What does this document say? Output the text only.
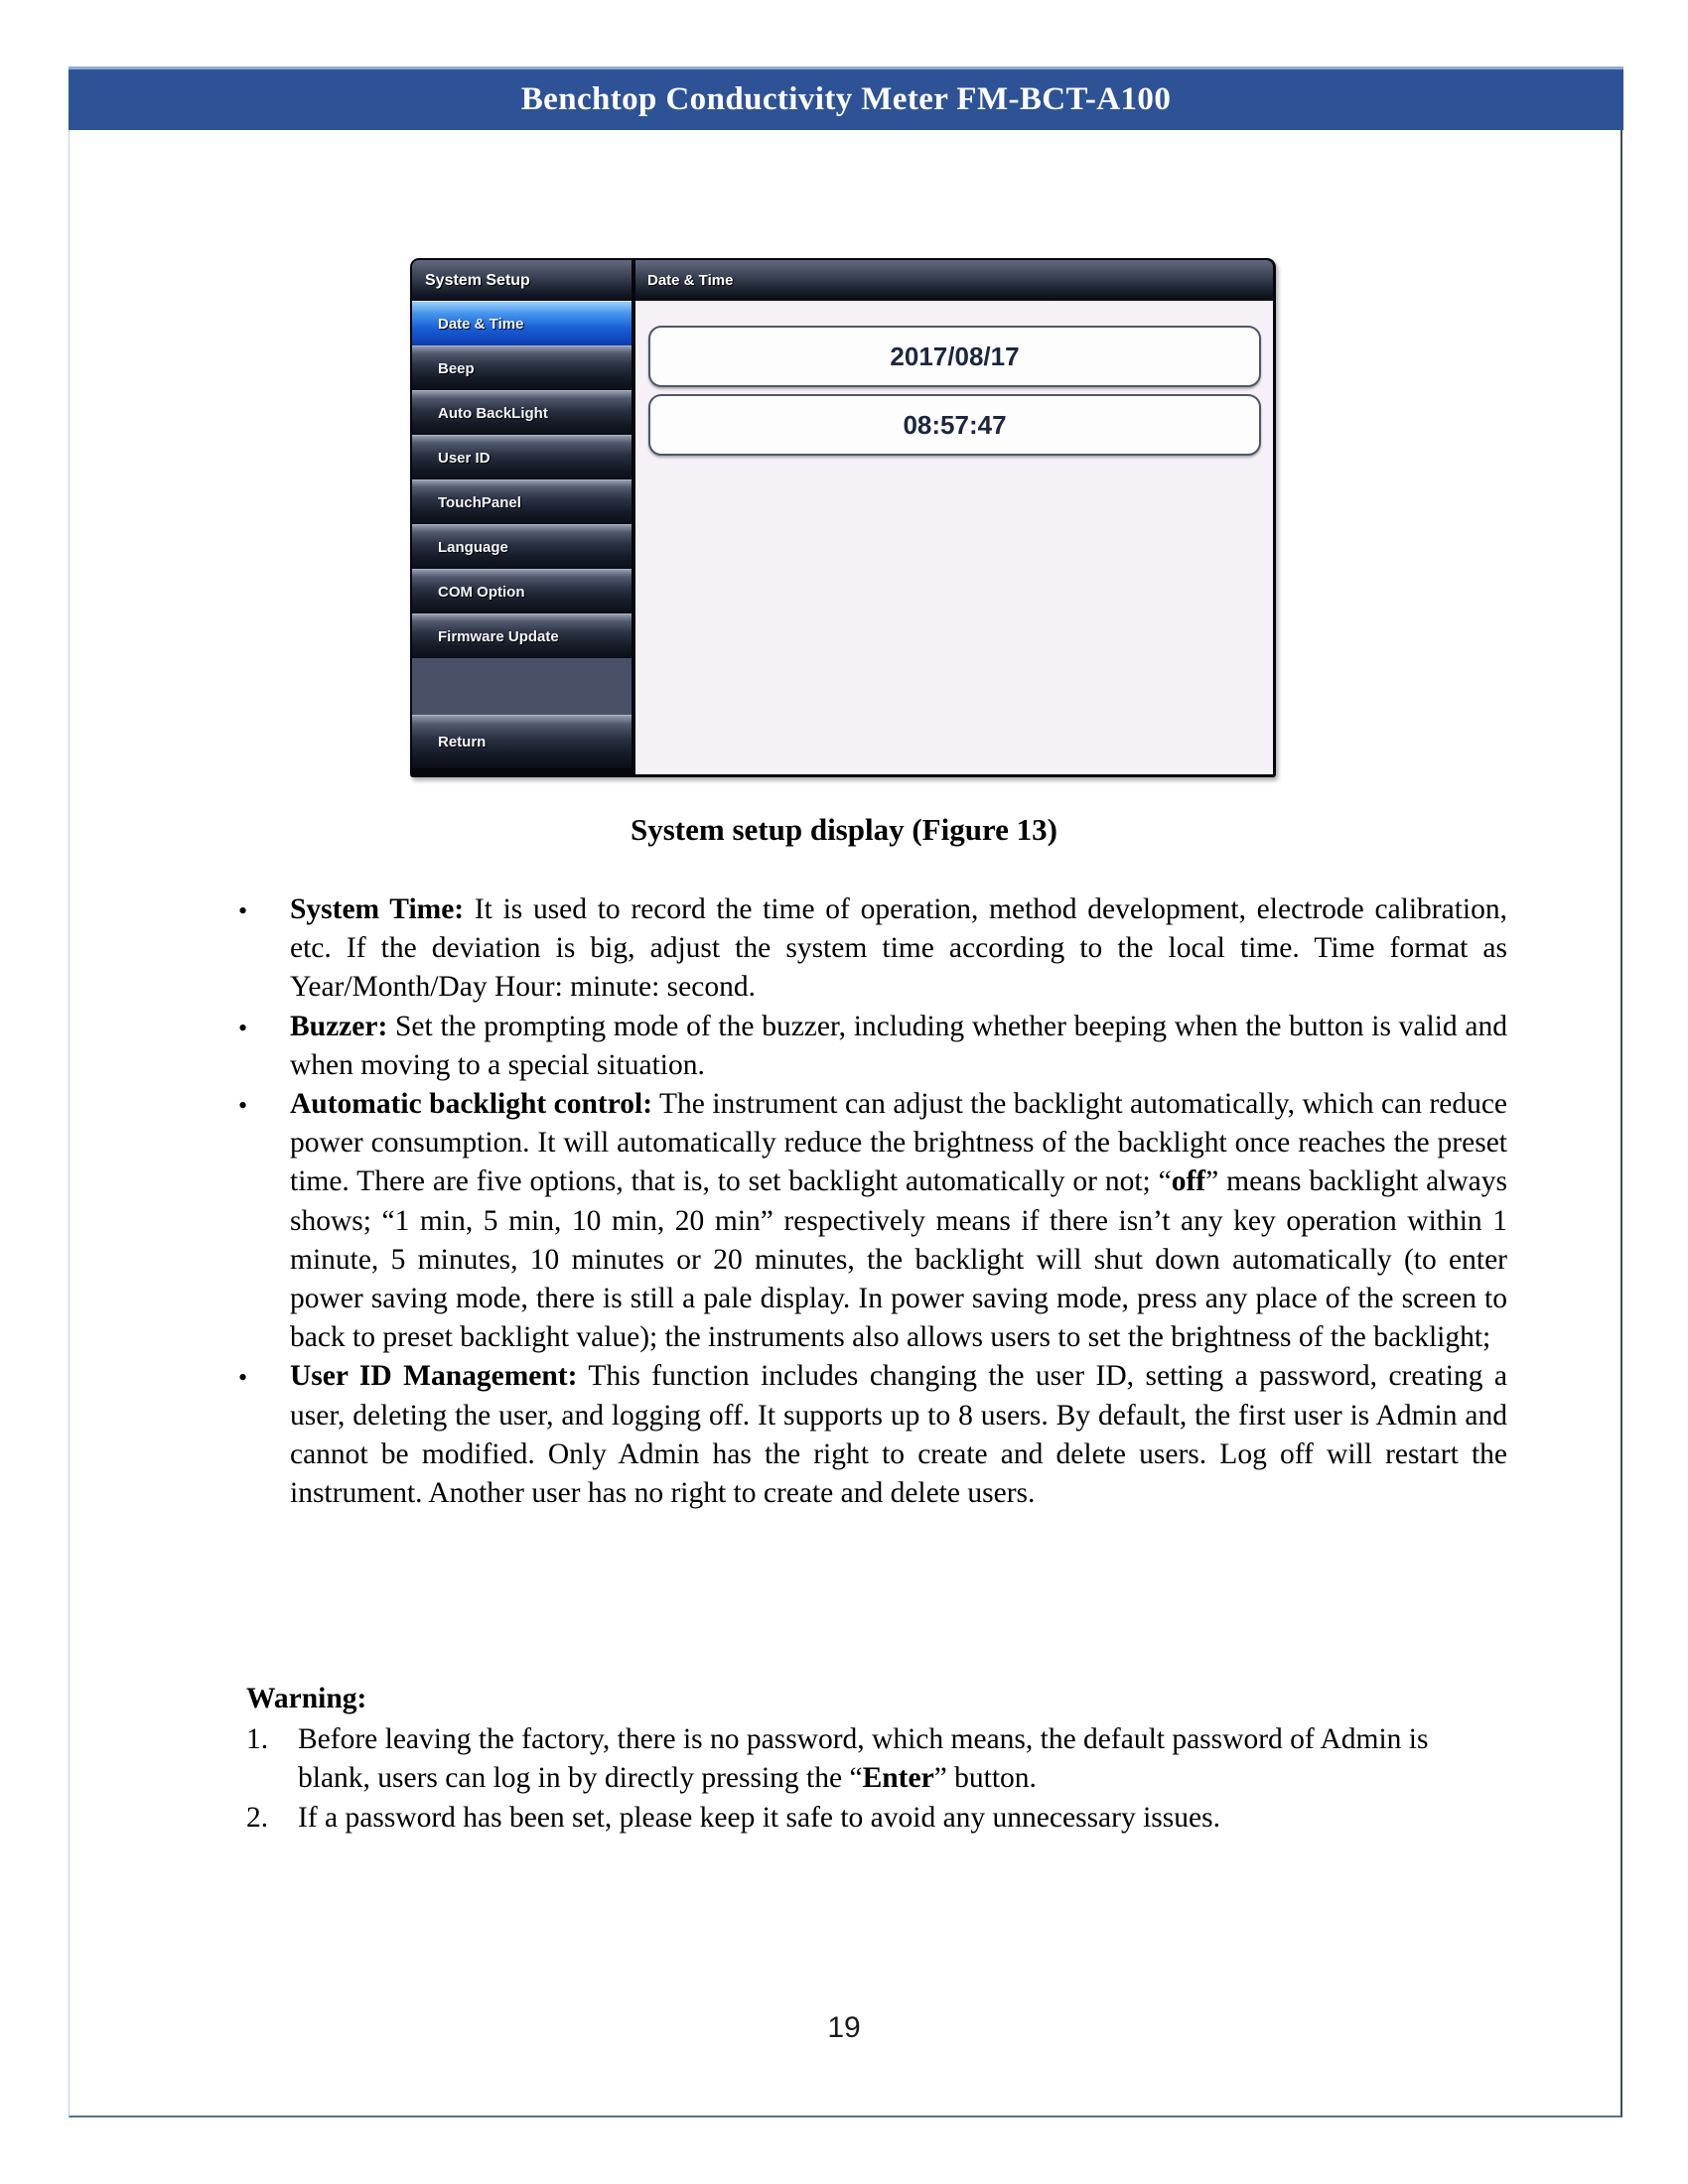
Benchtop Conductivity Meter FM-BCT-A100
System Setup
Date & Time
Beep
Auto BackLight
User ID
TouchPanel
Language
COM Option
Firmware Update
Return
Date & Time
2017/08/17
08:57:47
System setup display (Figure 13)
•	System Time: It is used to record the time of operation, method development, electrode calibration, etc. If the deviation is big, adjust the system time according to the local time. Time format as Year/Month/Day Hour: minute: second.

•	Buzzer: Set the prompting mode of the buzzer, including whether beeping when the button is valid and when moving to a special situation.

•	Automatic backlight control: The instrument can adjust the backlight automatically, which can reduce power consumption. It will automatically reduce the brightness of the backlight once reaches the preset time. There are five options, that is, to set backlight automatically or not; “off” means backlight always shows; “1 min, 5 min, 10 min, 20 min” respectively means if there isn’t any key operation within 1 minute, 5 minutes, 10 minutes or 20 minutes, the backlight will shut down automatically (to enter power saving mode, there is still a pale display. In power saving mode, press any place of the screen to back to preset backlight value); the instruments also allows users to set the brightness of the backlight;

•	User ID Management: This function includes changing the user ID, setting a password, creating a user, deleting the user, and logging off. It supports up to 8 users. By default, the first user is Admin and cannot be modified. Only Admin has the right to create and delete users. Log off will restart the instrument. Another user has no right to create and delete users.

Warning:

1.	Before leaving the factory, there is no password, which means, the default password of Admin is blank, users can log in by directly pressing the “Enter” button.

2.	If a password has been set, please keep it safe to avoid any unnecessary issues.

19
